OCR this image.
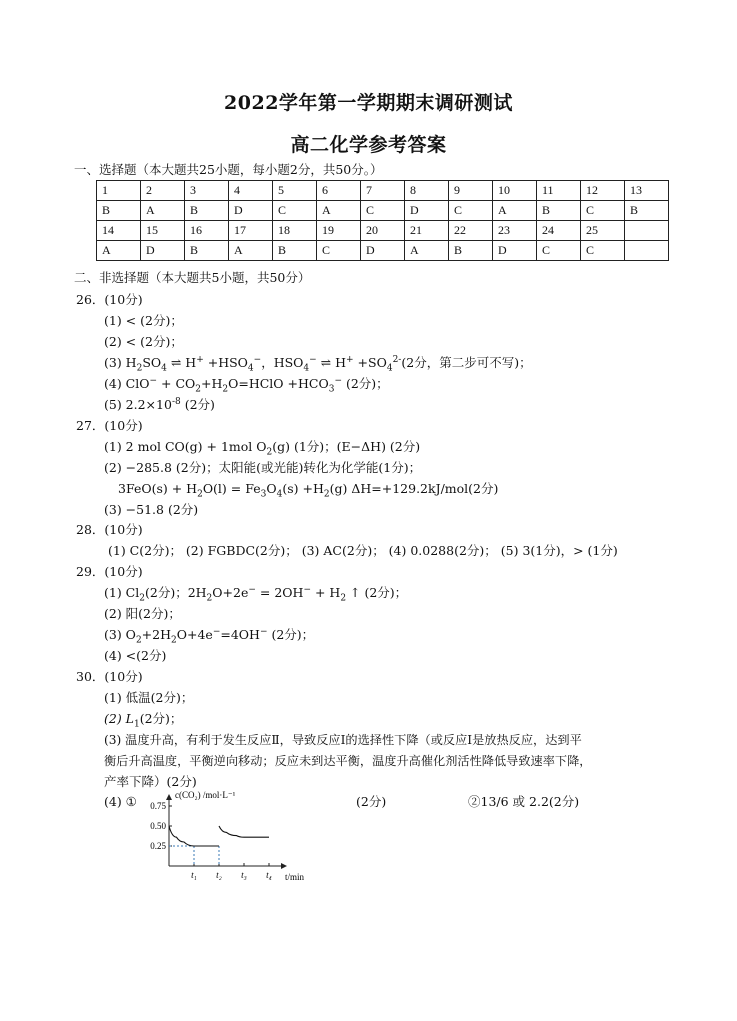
2022学年第一学期期末调研测试
高二化学参考答案
一、选择题（本大题共25小题，每小题2分，共50分。）
1	2	3	4	5	6	7	8	9	10	11	12	13
B	A	B	D	C	A	C	D	C	A	B	C	B
14	15	16	17	18	19	20	21	22	23	24	25	
A	D	B	A	B	C	D	A	B	D	C	C	
二、非选择题（本大题共5小题，共50分）
26．(10分)
(1) < (2分)；
(2) < (2分)；
(3) $H_2SO_4$ ⇌ $H^+ +HSO_4^-$，$HSO_4^-$ ⇌ $H^+ +SO_4^{2-}(2$分，第二步可不写)；
(4) $ClO^- + CO_2+H_2O=HClO +HCO_3^-$ (2分)；
(5) $2.2\times 10^{-8}$ (2分)
27．(10分)
(1) 2 mol CO(g) + 1mol $O_2(g)$ (1分)；(E−ΔH) (2分)
(2) −285.8 (2分)；太阳能(或光能)转化为化学能(1分)；
$3FeO(s) + H_2O(l) = Fe_3O_4(s) +H_2(g)$ ΔH=+129.2kJ/mol(2分)
(3) −51.8 (2分)
28．(10分)
(1) C(2分)； (2) FGBDC(2分)； (3) AC(2分)； (4) 0.0288(2分)； (5) 3(1分)，> (1分)
29．(10分)
(1) $Cl_2(2$分)；$2H_2O+2e^- = 2OH^- + H_2$ ↑ (2分)；
(2) 阳(2分)；
(3) $O_2+2H_2O+4e^-=4OH^-$ (2分)；
(4) <(2分)
30．(10分)
(1) 低温(2分)；
(2) $L_1(2$分)；
(3) 温度升高，有利于发生反应Ⅱ，导致反应Ⅰ的选择性下降（或反应Ⅰ是放热反应，达到平
衡后升高温度，平衡逆向移动；反应未到达平衡，温度升高催化剂活性降低导致速率下降，
产率下降）(2分)
(4) ①	(2分)	②13/6 或 2.2(2分)
0.75
0.50
0.25
t₁ t₂ t₃ t₄
c(CO₂) /mol·L⁻¹
t/min
